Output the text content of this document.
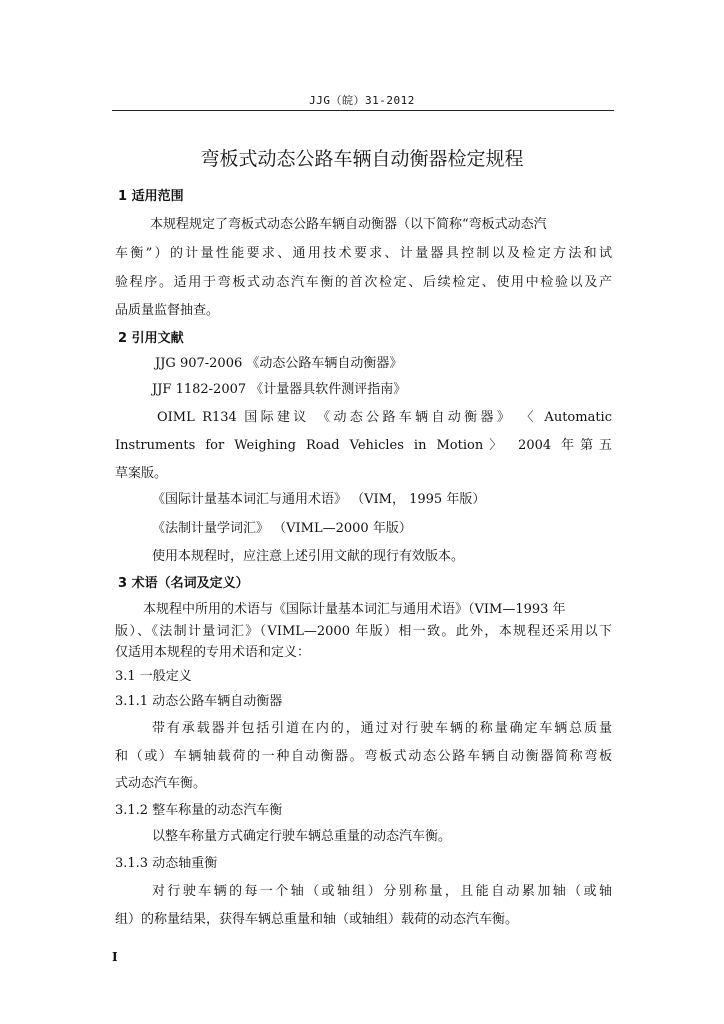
JJG（皖）31-2012
弯板式动态公路车辆自动衡器检定规程
1 适用范围
本规程规定了弯板式动态公路车辆自动衡器（以下简称“弯板式动态汽
车衡”）的计量性能要求、通用技术要求、计量器具控制以及检定方法和试
验程序。适用于弯板式动态汽车衡的首次检定、后续检定、使用中检验以及产
品质量监督抽查。
2 引用文献
JJG 907-2006 《动态公路车辆自动衡器》
JJF 1182-2007 《计量器具软件测评指南》
OIML R134 国际建议 《动态公路车辆自动衡器》 〈 Automatic
Instruments for Weighing Road Vehicles in Motion〉 2004 年第五
草案版。
《国际计量基本词汇与通用术语》 （VIM， 1995 年版）
《法制计量学词汇》 （VIML—2000 年版）
使用本规程时，应注意上述引用文献的现行有效版本。
3 术语（名词及定义）
本规程中所用的术语与《国际计量基本词汇与通用术语》（VIM—1993 年
版）、《法制计量词汇》（VIML—2000 年版）相一致。此外，本规程还采用以下
仅适用本规程的专用术语和定义：
3.1 一般定义
3.1.1 动态公路车辆自动衡器
带有承载器并包括引道在内的，通过对行驶车辆的称量确定车辆总质量
和（或）车辆轴载荷的一种自动衡器。弯板式动态公路车辆自动衡器简称弯板
式动态汽车衡。
3.1.2 整车称量的动态汽车衡
以整车称量方式确定行驶车辆总重量的动态汽车衡。
3.1.3 动态轴重衡
对行驶车辆的每一个轴（或轴组）分别称量，且能自动累加轴（或轴
组）的称量结果，获得车辆总重量和轴（或轴组）载荷的动态汽车衡。
I
